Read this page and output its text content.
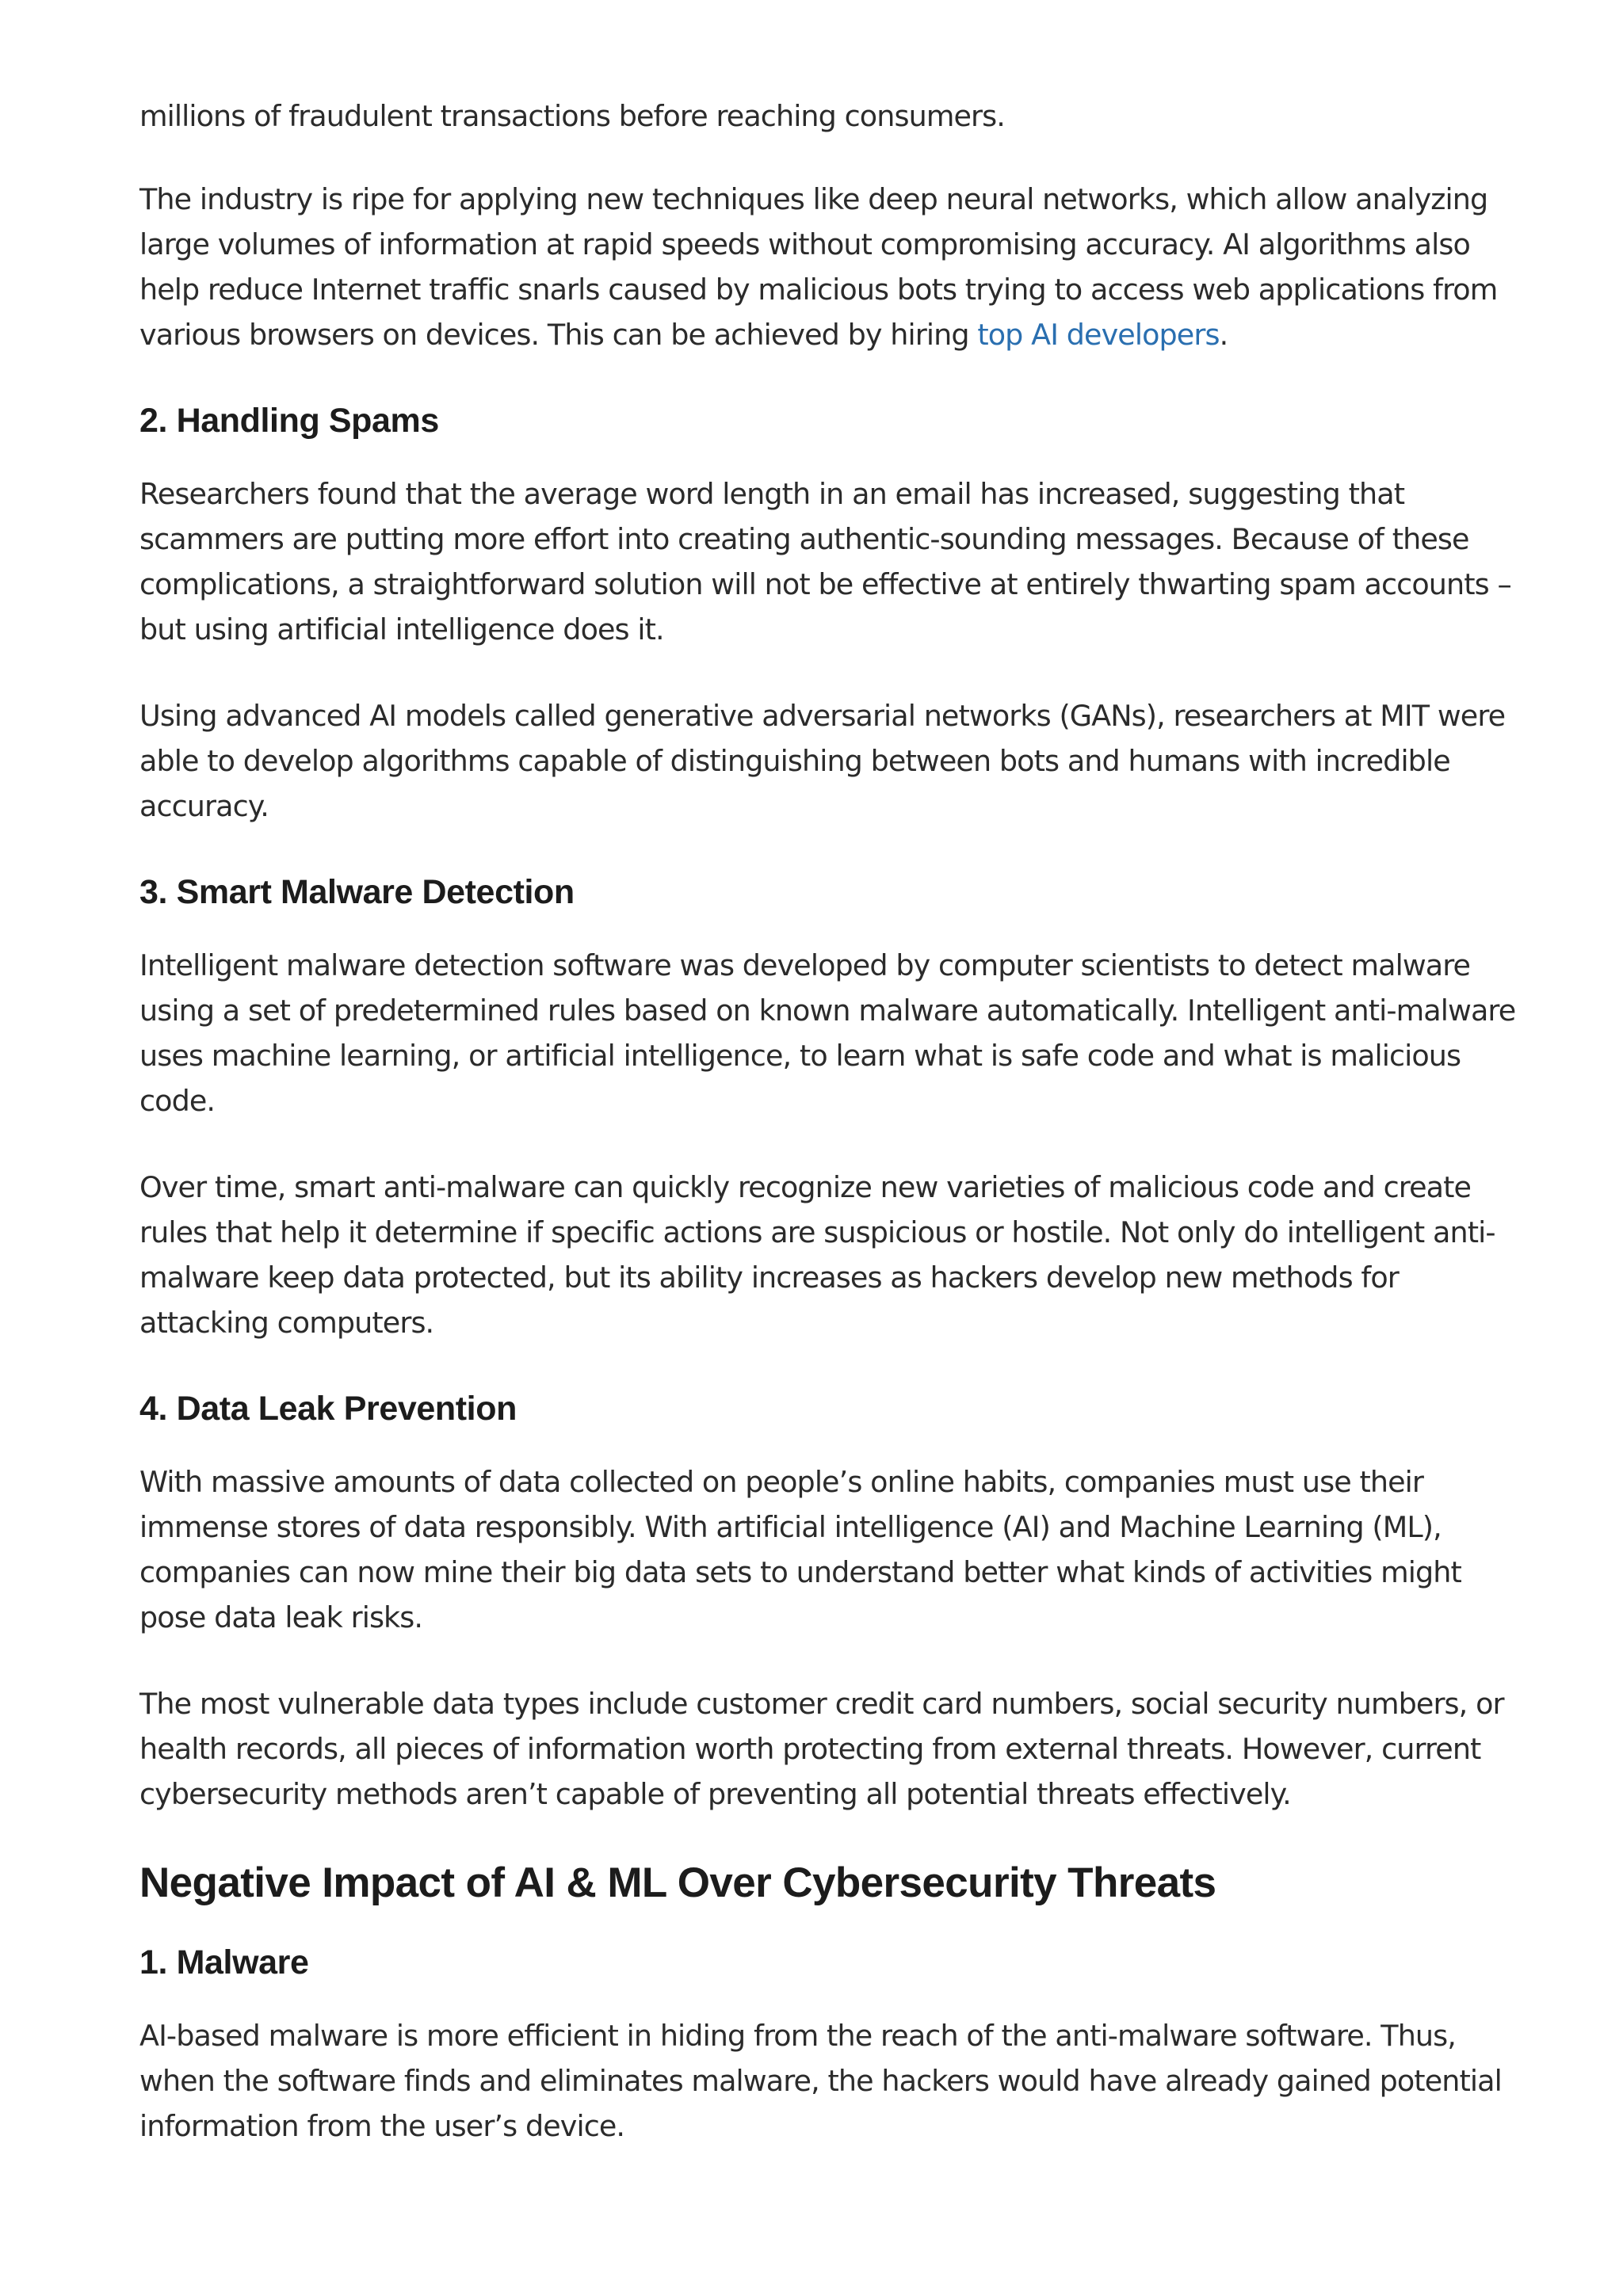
millions of fraudulent transactions before reaching consumers.

The industry is ripe for applying new techniques like deep neural networks, which allow analyzing large volumes of information at rapid speeds without compromising accuracy. AI algorithms also help reduce Internet traffic snarls caused by malicious bots trying to access web applications from various browsers on devices. This can be achieved by hiring top AI developers.

2. Handling Spams

Researchers found that the average word length in an email has increased, suggesting that scammers are putting more effort into creating authentic-sounding messages. Because of these complications, a straightforward solution will not be effective at entirely thwarting spam accounts – but using artificial intelligence does it.

Using advanced AI models called generative adversarial networks (GANs), researchers at MIT were able to develop algorithms capable of distinguishing between bots and humans with incredible accuracy.

3. Smart Malware Detection

Intelligent malware detection software was developed by computer scientists to detect malware using a set of predetermined rules based on known malware automatically. Intelligent anti-malware uses machine learning, or artificial intelligence, to learn what is safe code and what is malicious code.

Over time, smart anti-malware can quickly recognize new varieties of malicious code and create rules that help it determine if specific actions are suspicious or hostile. Not only do intelligent anti-malware keep data protected, but its ability increases as hackers develop new methods for attacking computers.

4. Data Leak Prevention

With massive amounts of data collected on people’s online habits, companies must use their immense stores of data responsibly. With artificial intelligence (AI) and Machine Learning (ML), companies can now mine their big data sets to understand better what kinds of activities might pose data leak risks.

The most vulnerable data types include customer credit card numbers, social security numbers, or health records, all pieces of information worth protecting from external threats. However, current cybersecurity methods aren’t capable of preventing all potential threats effectively.

Negative Impact of AI & ML Over Cybersecurity Threats
1. Malware

AI-based malware is more efficient in hiding from the reach of the anti-malware software. Thus, when the software finds and eliminates malware, the hackers would have already gained potential information from the user’s device.
